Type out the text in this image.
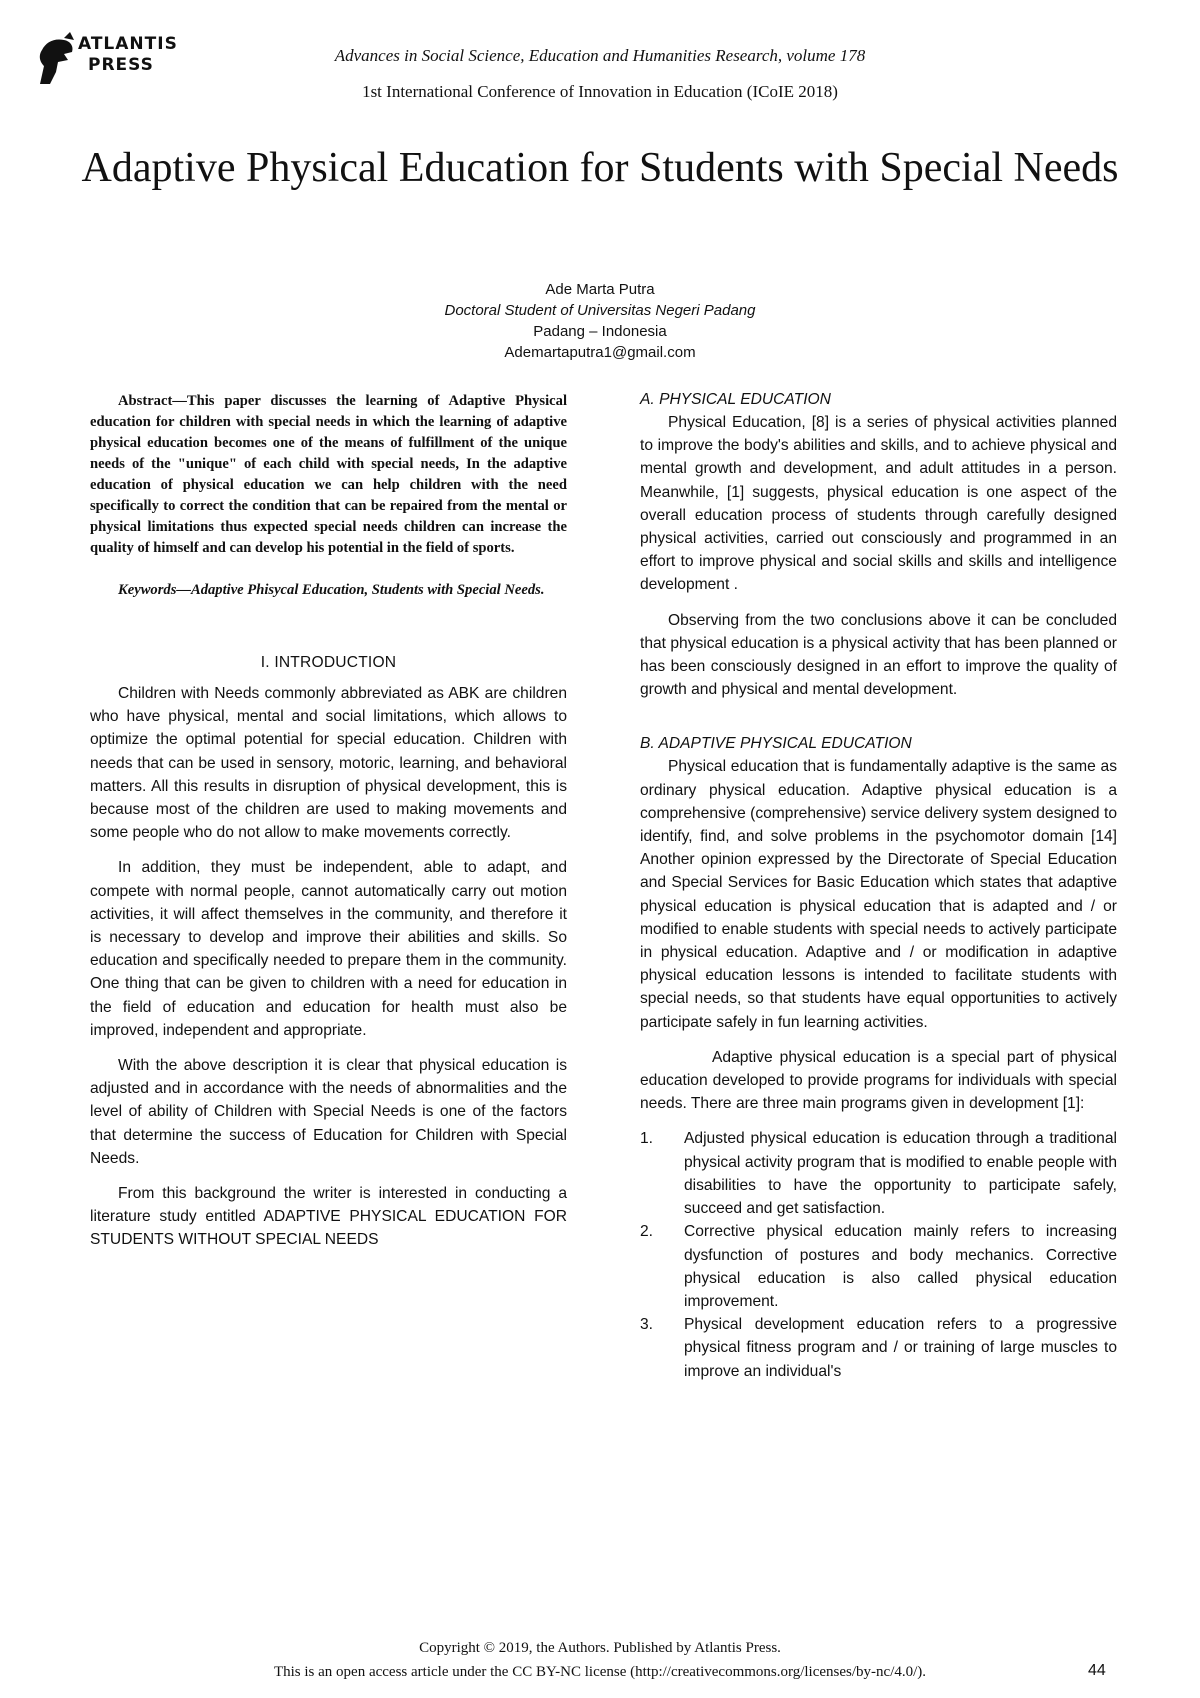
ATLANTIS
PRESS	Advances in Social Science, Education and Humanities Research, volume 178
1st International Conference of Innovation in Education (ICoIE 2018)
Adaptive Physical Education for Students with Special Needs
Ade Marta Putra
Doctoral Student of Universitas Negeri Padang
Padang – Indonesia
Ademartaputra1@gmail.com

Abstract—This paper discusses the learning of Adaptive Physical education for children with special needs in which the learning of adaptive physical education becomes one of the means of fulfillment of the unique needs of the "unique" of each child with special needs, In the adaptive education of physical education we can help children with the need specifically to correct the condition that can be repaired from the mental or physical limitations thus expected special needs children can increase the quality of himself and can develop his potential in the field of sports.

Keywords—Adaptive Phisycal Education, Students with Special Needs.

I. INTRODUCTION

Children with Needs commonly abbreviated as ABK are children who have physical, mental and social limitations, which allows to optimize the optimal potential for special education. Children with needs that can be used in sensory, motoric, learning, and behavioral matters. All this results in disruption of physical development, this is because most of the children are used to making movements and some people who do not allow to make movements correctly.

In addition, they must be independent, able to adapt, and compete with normal people, cannot automatically carry out motion activities, it will affect themselves in the community, and therefore it is necessary to develop and improve their abilities and skills. So education and specifically needed to prepare them in the community. One thing that can be given to children with a need for education in the field of education and education for health must also be improved, independent and appropriate.

With the above description it is clear that physical education is adjusted and in accordance with the needs of abnormalities and the level of ability of Children with Special Needs is one of the factors that determine the success of Education for Children with Special Needs.

From this background the writer is interested in conducting a literature study entitled ADAPTIVE PHYSICAL EDUCATION FOR STUDENTS WITHOUT SPECIAL NEEDS

A. PHYSICAL EDUCATION

Physical Education, [8] is a series of physical activities planned to improve the body's abilities and skills, and to achieve physical and mental growth and development, and adult attitudes in a person. Meanwhile, [1] suggests, physical education is one aspect of the overall education process of students through carefully designed physical activities, carried out consciously and programmed in an effort to improve physical and social skills and skills and intelligence development .

Observing from the two conclusions above it can be concluded that physical education is a physical activity that has been planned or has been consciously designed in an effort to improve the quality of growth and physical and mental development.

B. ADAPTIVE PHYSICAL EDUCATION

Physical education that is fundamentally adaptive is the same as ordinary physical education. Adaptive physical education is a comprehensive (comprehensive) service delivery system designed to identify, find, and solve problems in the psychomotor domain [14] Another opinion expressed by the Directorate of Special Education and Special Services for Basic Education which states that adaptive physical education is physical education that is adapted and / or modified to enable students with special needs to actively participate in physical education. Adaptive and / or modification in adaptive physical education lessons is intended to facilitate students with special needs, so that students have equal opportunities to actively participate safely in fun learning activities.

Adaptive physical education is a special part of physical education developed to provide programs for individuals with special needs. There are three main programs given in development [1]:

1. Adjusted physical education is education through a traditional physical activity program that is modified to enable people with disabilities to have the opportunity to participate safely, succeed and get satisfaction.
2. Corrective physical education mainly refers to increasing dysfunction of postures and body mechanics. Corrective physical education is also called physical education improvement.
3. Physical development education refers to a progressive physical fitness program and / or training of large muscles to improve an individual's
Copyright © 2019, the Authors. Published by Atlantis Press.
This is an open access article under the CC BY-NC license (http://creativecommons.org/licenses/by-nc/4.0/).	44
